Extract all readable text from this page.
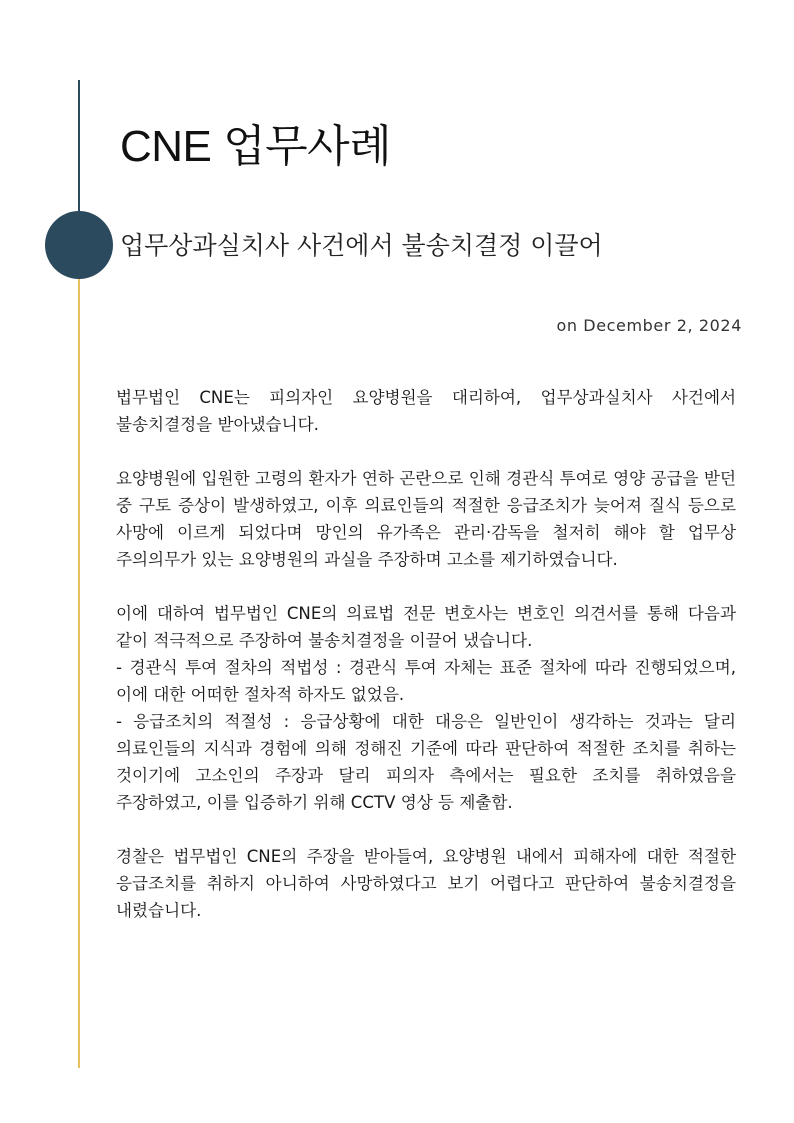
CNE 업무사례
업무상과실치사 사건에서 불송치결정 이끌어
on December 2, 2024

법무법인 CNE는 피의자인 요양병원을 대리하여, 업무상과실치사 사건에서 불송치결정을 받아냈습니다.

요양병원에 입원한 고령의 환자가 연하 곤란으로 인해 경관식 투여로 영양 공급을 받던 중 구토 증상이 발생하였고, 이후 의료인들의 적절한 응급조치가 늦어져 질식 등으로 사망에 이르게 되었다며 망인의 유가족은 관리·감독을 철저히 해야 할 업무상 주의의무가 있는 요양병원의 과실을 주장하며 고소를 제기하였습니다.

이에 대하여 법무법인 CNE의 의료법 전문 변호사는 변호인 의견서를 통해 다음과 같이 적극적으로 주장하여 불송치결정을 이끌어 냈습니다.
- 경관식 투여 절차의 적법성 : 경관식 투여 자체는 표준 절차에 따라 진행되었으며, 이에 대한 어떠한 절차적 하자도 없었음.
- 응급조치의 적절성 : 응급상황에 대한 대응은 일반인이 생각하는 것과는 달리 의료인들의 지식과 경험에 의해 정해진 기준에 따라 판단하여 적절한 조치를 취하는 것이기에 고소인의 주장과 달리 피의자 측에서는 필요한 조치를 취하였음을 주장하였고, 이를 입증하기 위해 CCTV 영상 등 제출함.

경찰은 법무법인 CNE의 주장을 받아들여, 요양병원 내에서 피해자에 대한 적절한 응급조치를 취하지 아니하여 사망하였다고 보기 어렵다고 판단하여 불송치결정을 내렸습니다.
